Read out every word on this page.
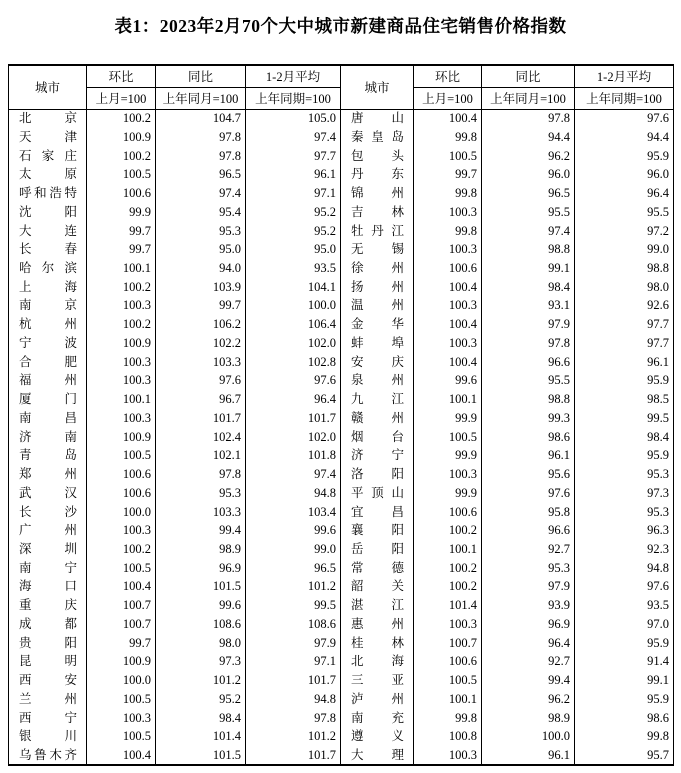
表1：2023年2月70个大中城市新建商品住宅销售价格指数
城市	环比	同比	1-2月平均	城市	环比	同比	1-2月平均
	上月=100	上年同月=100	上年同期=100		上月=100	上年同月=100	上年同期=100

北 京	100.2	104.7	105.0	唐 山	100.4	97.8	97.6

天 津	100.9	97.8	97.4	秦 皇 岛	99.8	94.4	94.4

石 家 庄	100.2	97.8	97.7	包 头	100.5	96.2	95.9

太 原	100.5	96.5	96.1	丹 东	99.7	96.0	96.0

呼 和 浩 特	100.6	97.4	97.1	锦 州	99.8	96.5	96.4

沈 阳	99.9	95.4	95.2	吉 林	100.3	95.5	95.5

大 连	99.7	95.3	95.2	牡 丹 江	99.8	97.4	97.2

长 春	99.7	95.0	95.0	无 锡	100.3	98.8	99.0

哈 尔 滨	100.1	94.0	93.5	徐 州	100.6	99.1	98.8

上 海	100.2	103.9	104.1	扬 州	100.4	98.4	98.0

南 京	100.3	99.7	100.0	温 州	100.3	93.1	92.6

杭 州	100.2	106.2	106.4	金 华	100.4	97.9	97.7

宁 波	100.9	102.2	102.0	蚌 埠	100.3	97.8	97.7

合 肥	100.3	103.3	102.8	安 庆	100.4	96.6	96.1

福 州	100.3	97.6	97.6	泉 州	99.6	95.5	95.9

厦 门	100.1	96.7	96.4	九 江	100.1	98.8	98.5

南 昌	100.3	101.7	101.7	赣 州	99.9	99.3	99.5

济 南	100.9	102.4	102.0	烟 台	100.5	98.6	98.4

青 岛	100.5	102.1	101.8	济 宁	99.9	96.1	95.9

郑 州	100.6	97.8	97.4	洛 阳	100.3	95.6	95.3

武 汉	100.6	95.3	94.8	平 顶 山	99.9	97.6	97.3

长 沙	100.0	103.3	103.4	宜 昌	100.6	95.8	95.3

广 州	100.3	99.4	99.6	襄 阳	100.2	96.6	96.3

深 圳	100.2	98.9	99.0	岳 阳	100.1	92.7	92.3

南 宁	100.5	96.9	96.5	常 德	100.2	95.3	94.8

海 口	100.4	101.5	101.2	韶 关	100.2	97.9	97.6

重 庆	100.7	99.6	99.5	湛 江	101.4	93.9	93.5

成 都	100.7	108.6	108.6	惠 州	100.3	96.9	97.0

贵 阳	99.7	98.0	97.9	桂 林	100.7	96.4	95.9

昆 明	100.9	97.3	97.1	北 海	100.6	92.7	91.4

西 安	100.0	101.2	101.7	三 亚	100.5	99.4	99.1

兰 州	100.5	95.2	94.8	泸 州	100.1	96.2	95.9

西 宁	100.3	98.4	97.8	南 充	99.8	98.9	98.6

银 川	100.5	101.4	101.2	遵 义	100.8	100.0	99.8

乌 鲁 木 齐	100.4	101.5	101.7	大 理	100.3	96.1	95.7
